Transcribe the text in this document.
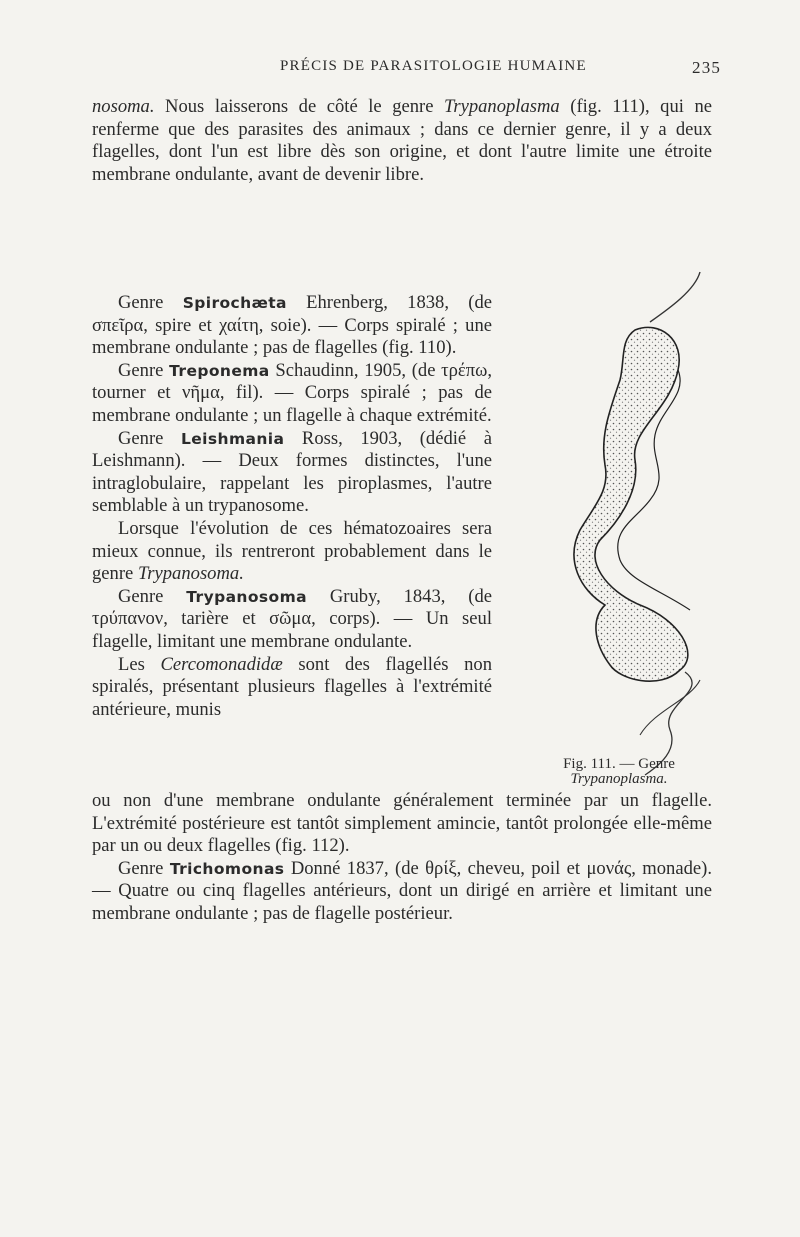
PRÉCIS DE PARASITOLOGIE HUMAINE	235

nosoma. Nous laisserons de côté le genre Trypanoplasma (fig. 111), qui ne renferme que des parasites des animaux ; dans ce dernier genre, il y a deux flagelles, dont l'un est libre dès son origine, et dont l'autre limite une étroite membrane ondulante, avant de devenir libre.

Genre Spirochæta Ehrenberg, 1838, (de σπεῖρα, spire et χαίτη, soie). — Corps spiralé ; une membrane ondulante ; pas de flagelles (fig. 110).

Genre Treponema Schaudinn, 1905, (de τρέπω, tourner et νῆμα, fil). — Corps spiralé ; pas de membrane ondulante ; un flagelle à chaque extrémité.

Genre Leishmania Ross, 1903, (dédié à Leishmann). — Deux formes distinctes, l'une intraglobulaire, rappelant les piroplasmes, l'autre semblable à un trypanosome.

Lorsque l'évolution de ces hématozoaires sera mieux connue, ils rentreront probablement dans le genre Trypanosoma.

Genre Trypanosoma Gruby, 1843, (de τρύπανον, tarière et σῶμα, corps). — Un seul flagelle, limitant une membrane ondulante.

Les Cercomonadidæ sont des flagellés non spiralés, présentant plusieurs flagelles à l'extrémité antérieure, munis

ou non d'une membrane ondulante généralement terminée par un flagelle. L'extrémité postérieure est tantôt simplement amincie, tantôt prolongée elle-même par un ou deux flagelles (fig. 112).

Genre Trichomonas Donné 1837, (de θρίξ, cheveu, poil et μονάς, monade). — Quatre ou cinq flagelles antérieurs, dont un dirigé en arrière et limitant une membrane ondulante ; pas de flagelle postérieur.

Fig. 111. — Genre
Trypanoplasma.
